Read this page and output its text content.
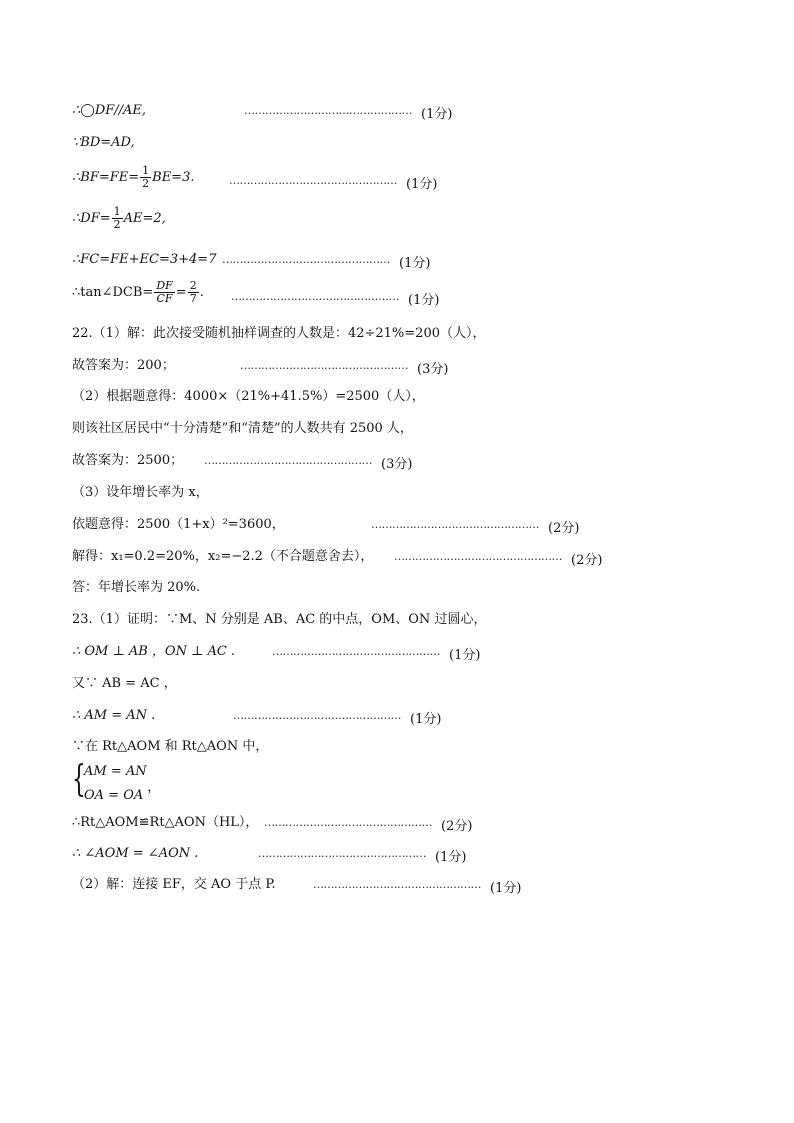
∴◯DF//AE,	………………………………………… (1分)
∵BD=AD,
∴BF=FE= $\frac{1}{2} BE=3$.	………………………………………… (1分)
∴DF= $\frac{1}{2} AE=2$,
∴FC=FE+EC=3+4=7 ………………………………………… (1分)
∴tan∠DCB= $\frac{DF}{CF} = \frac{2}{7}$ . ………………………………………… (1分)
22.（1）解：此次接受随机抽样调查的人数是：42÷21%=200（人），
故答案为：200；	………………………………………… (3分)
（2）根据题意得：4000×（21%+41.5%）=2500（人），
则该社区居民中“十分清楚”和“清楚”的人数共有 2500 人，
故答案为：2500； ………………………………………… (3分)
（3）设年增长率为 x，
依题意得：2500（1+x）²=3600，	………………………………………… (2分)
解得：x₁=0.2=20%，x₂=−2.2（不合题意舍去）， ………………………………………… (2分)
答：年增长率为 20%.
23.（1）证明：∵M、N 分别是 AB、AC 的中点，OM、ON 过圆心，
∴ OM ⊥ AB ，ON ⊥ AC .	………………………………………… (1分)
又∵ AB = AC ，
∴ AM = AN .	………………………………………… (1分)
∵在 Rt△AOM 和 Rt△AON 中，
{
AM = AN
OA = OA，
∴Rt△AOM≌Rt△AON（HL）， ………………………………………… (2分)
∴ ∠AOM = ∠AON .	………………………………………… (1分)
（2）解：连接 EF，交 AO 于点 P.	………………………………………… (1分)
